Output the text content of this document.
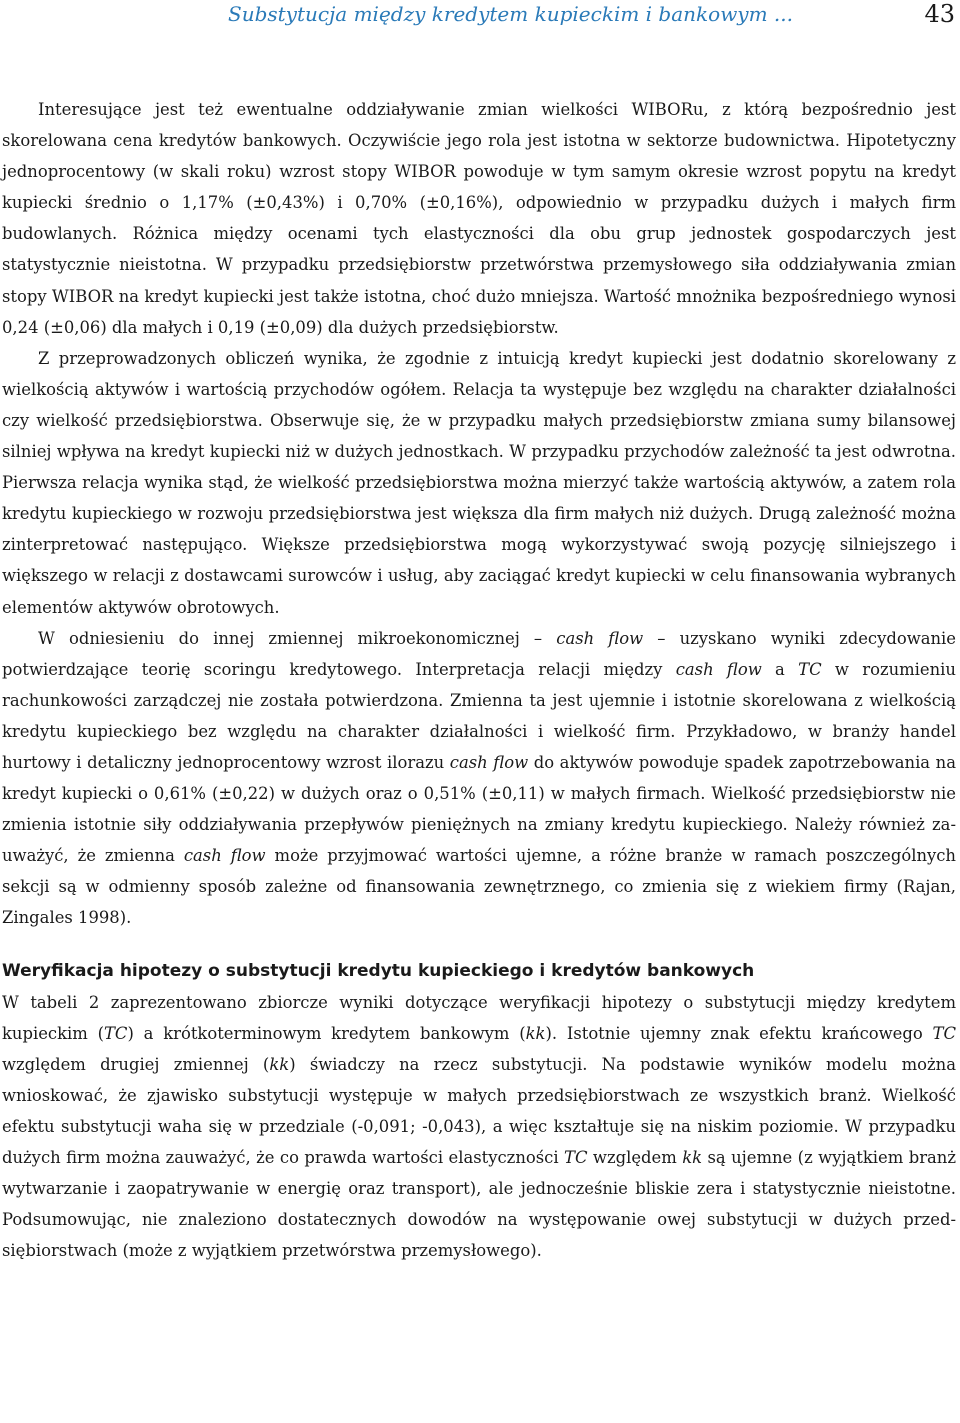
Substytucja między kredytem kupieckim i bankowym ...	43

Interesujące jest też ewentualne oddziaływanie zmian wielkości WIBORu, z którą bezpośrednio jest skorelowana cena kredytów bankowych. Oczywiście jego rola jest istotna w sektorze budownictwa. Hipotetyczny jednoprocentowy (w skali roku) wzrost stopy WIBOR powoduje w tym samym okresie wzrost popytu na kredyt kupiecki średnio o 1,17% (±0,43%) i 0,70% (±0,16%), odpowiednio w przypadku dużych i małych firm budowlanych. Różnica między ocenami tych elastyczności dla obu grup jednostek gospodarczych jest statystycznie nieistotna. W przypadku przedsiębiorstw przetwórstwa przemysłowego siła oddziaływania zmian stopy WIBOR na kredyt kupiecki jest także istotna, choć dużo mniejsza. Wartość mnożnika bezpośredniego wynosi 0,24 (±0,06) dla małych i 0,19 (±0,09) dla dużych przedsiębiorstw.

Z przeprowadzonych obliczeń wynika, że zgodnie z intuicją kredyt kupiecki jest dodatnio skorelowany z wielkością aktywów i wartością przychodów ogółem. Relacja ta występuje bez względu na charakter działalności czy wielkość przedsiębiorstwa. Obserwuje się, że w przypadku małych przedsiębiorstw zmiana sumy bilansowej silniej wpływa na kredyt kupiecki niż w dużych jednostkach. W przypadku przychodów zależność ta jest odwrotna. Pierwsza relacja wynika stąd, że wielkość przedsiębiorstwa można mierzyć także wartością aktywów, a zatem rola kredytu kupieckiego w rozwoju przedsiębiorstwa jest większa dla firm małych niż dużych. Drugą zależność można zinterpretować następująco. Większe przedsiębiorstwa mogą wykorzystywać swoją pozycję silniejszego i większego w relacji z dostawcami surowców i usług, aby zaciągać kredyt kupiecki w celu finansowania wybranych elementów aktywów obrotowych.

W odniesieniu do innej zmiennej mikroekonomicznej – cash flow – uzyskano wyniki zdecydowanie potwierdzające teorię scoringu kredytowego. Interpretacja relacji między cash flow a TC w rozumieniu rachunkowości zarządczej nie została potwierdzona. Zmienna ta jest ujemnie i istotnie skorelowana z wielkością kredytu kupieckiego bez względu na charakter działalności i wielkość firm. Przykładowo, w branży handel hurtowy i detaliczny jednoprocentowy wzrost ilorazu cash flow do aktywów powoduje spadek zapotrzebowania na kredyt kupiecki o 0,61% (±0,22) w dużych oraz o 0,51% (±0,11) w małych firmach. Wielkość przedsiębiorstw nie zmienia istotnie siły oddziaływania przepływów pieniężnych na zmiany kredytu kupieckiego. Należy również zauważyć, że zmienna cash flow może przyjmować wartości ujemne, a różne branże w ramach poszczególnych sekcji są w odmienny sposób zależne od finansowania zewnętrznego, co zmienia się z wiekiem firmy (Rajan, Zingales 1998).

Weryfikacja hipotezy o substytucji kredytu kupieckiego i kredytów bankowych

W tabeli 2 zaprezentowano zbiorcze wyniki dotyczące weryfikacji hipotezy o substytucji między kredytem kupieckim (TC) a krótkoterminowym kredytem bankowym (kk). Istotnie ujemny znak efektu krańcowego TC względem drugiej zmiennej (kk) świadczy na rzecz substytucji. Na podstawie wyników modelu można wnioskować, że zjawisko substytucji występuje w małych przedsiębiorstwach ze wszystkich branż. Wielkość efektu substytucji waha się w przedziale (-0,091; -0,043), a więc kształtuje się na niskim poziomie. W przypadku dużych firm można zauważyć, że co prawda wartości elastyczności TC względem kk są ujemne (z wyjątkiem branż wytwarzanie i zaopatrywanie w energię oraz transport), ale jednocześnie bliskie zera i statystycznie nieistotne. Podsumowując, nie znaleziono dostatecznych dowodów na występowanie owej substytucji w dużych przedsiębiorstwach (może z wyjątkiem przetwórstwa przemysłowego).
